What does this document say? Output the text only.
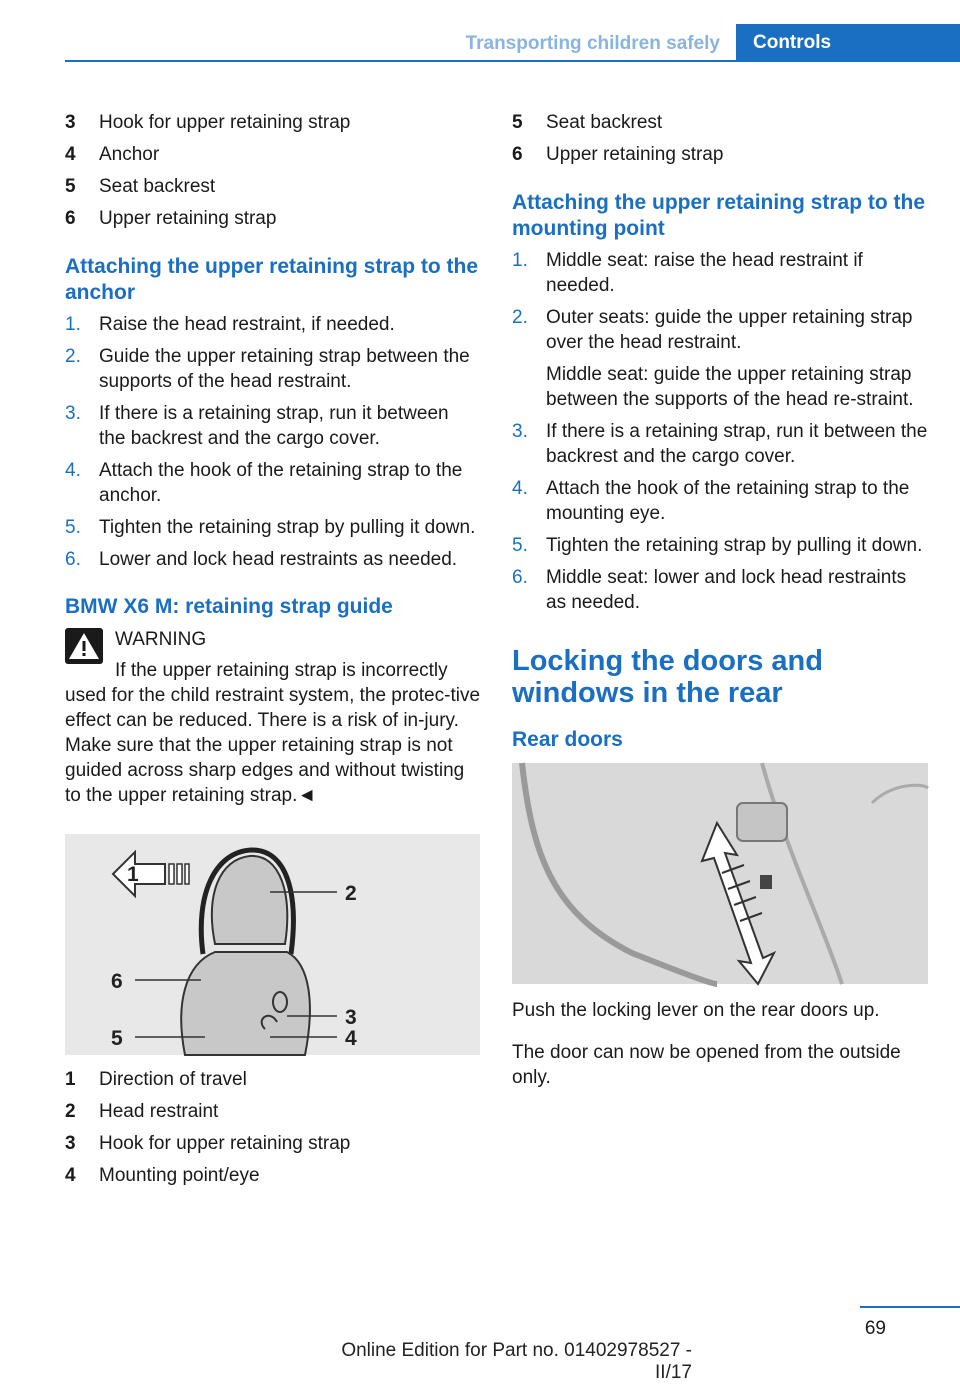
Transporting children safely	Controls
3	Hook for upper retaining strap
4	Anchor
5	Seat backrest
6	Upper retaining strap
Attaching the upper retaining strap to the anchor
1. Raise the head restraint, if needed.
2. Guide the upper retaining strap between the supports of the head restraint.
3. If there is a retaining strap, run it between the backrest and the cargo cover.
4. Attach the hook of the retaining strap to the anchor.
5. Tighten the retaining strap by pulling it down.
6. Lower and lock head restraints as needed.
BMW X6 M: retaining strap guide
WARNING

If the upper retaining strap is incorrectly used for the child restraint system, the protec-tive effect can be reduced. There is a risk of in-jury. Make sure that the upper retaining strap is not guided across sharp edges and without twisting to the upper retaining strap.◄

1
2
6
3
5	4
1	Direction of travel
2	Head restraint
3	Hook for upper retaining strap
4	Mounting point/eye
5	Seat backrest
6	Upper retaining strap
Attaching the upper retaining strap to the mounting point
1. Middle seat: raise the head restraint if needed.

2. Outer seats: guide the upper retaining strap over the head restraint.

Middle seat: guide the upper retaining strap between the supports of the head re-straint.

3. If there is a retaining strap, run it between the backrest and the cargo cover.

4. Attach the hook of the retaining strap to the mounting eye.

5. Tighten the retaining strap by pulling it down.

6. Middle seat: lower and lock head restraints as needed.

Locking the doors and windows in the rear
Rear doors

Push the locking lever on the rear doors up.

The door can now be opened from the outside only.

69
Online Edition for Part no. 01402978527 - II/17
